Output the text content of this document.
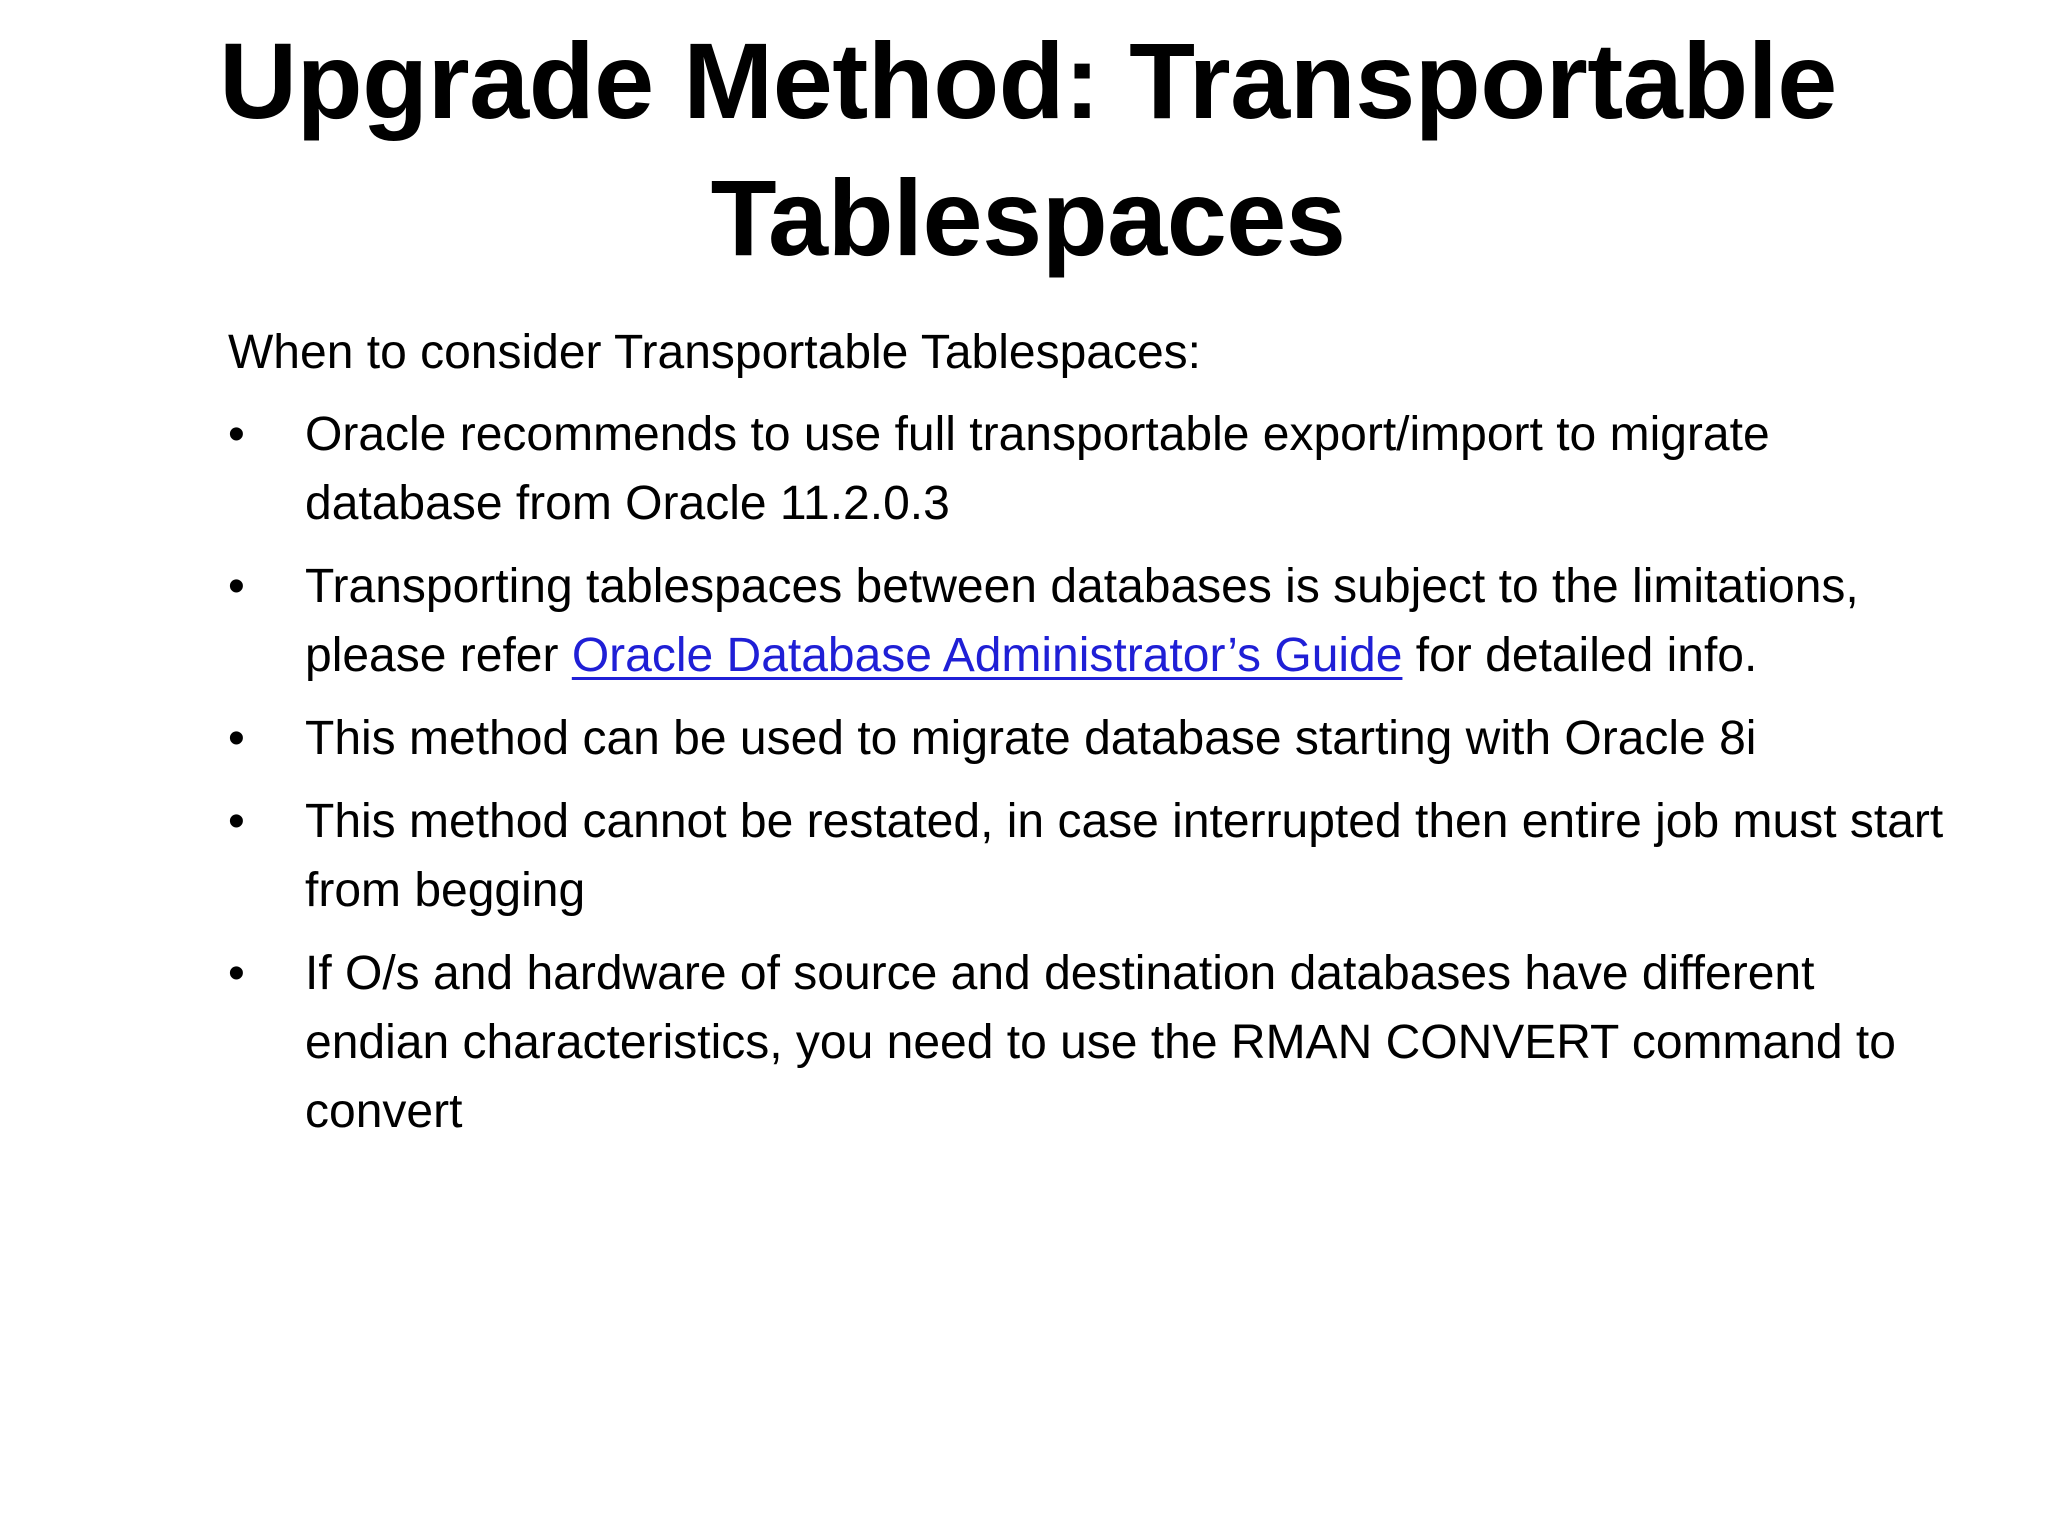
Upgrade Method: Transportable
Tablespaces

When to consider Transportable Tablespaces:

•	Oracle recommends to use full transportable export/import to migrate database from Oracle 11.2.0.3
•	Transporting tablespaces between databases is subject to the limitations, please refer Oracle Database Administrator’s Guide for detailed info.
•	This method can be used to migrate database starting with Oracle 8i
•	This method cannot be restated, in case interrupted then entire job must start from begging
•	If O/s and hardware of source and destination databases have different endian characteristics, you need to use the RMAN CONVERT command to convert
